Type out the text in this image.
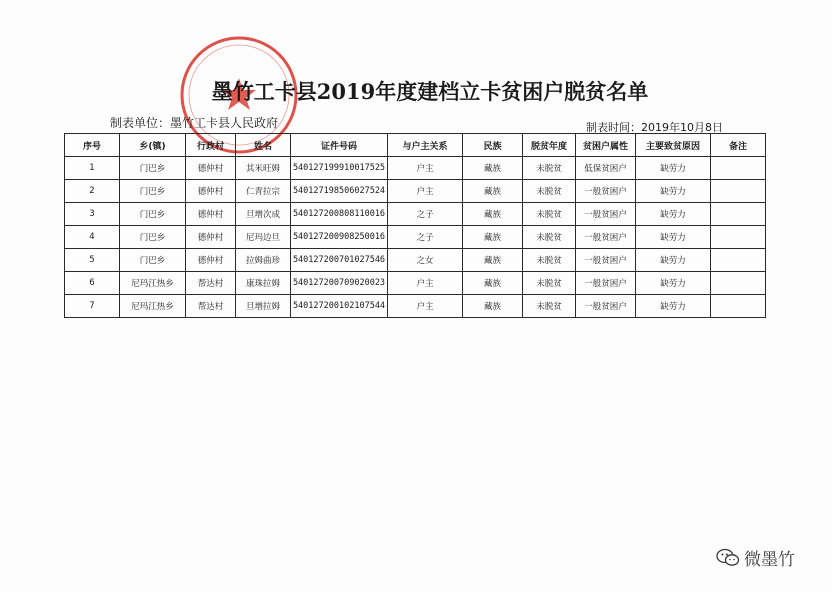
墨竹工卡县2019年度建档立卡贫困户脱贫名单
制表单位：墨竹工卡县人民政府	制表时间：2019年10月8日
序号	乡(镇)	行政村	姓名	证件号码	与户主关系	民族	脱贫年度	贫困户属性	主要致贫原因	备注
1	门巴乡	德仲村	其米旺姆	540127199910017525	户主	藏族	未脱贫	低保贫困户	缺劳力	
2	门巴乡	德仲村	仁青拉宗	540127198506027524	户主	藏族	未脱贫	一般贫困户	缺劳力	
3	门巴乡	德仲村	旦增次成	540127200808110016	之子	藏族	未脱贫	一般贫困户	缺劳力	
4	门巴乡	德仲村	尼玛边旦	540127200908250016	之子	藏族	未脱贫	一般贫困户	缺劳力	
5	门巴乡	德仲村	拉姆曲珍	540127200701027546	之女	藏族	未脱贫	一般贫困户	缺劳力	
6	尼玛江热乡	帮达村	康珠拉姆	540127200709020023	户主	藏族	未脱贫	一般贫困户	缺劳力	
7	尼玛江热乡	帮达村	旦增拉姆	540127200102107544	户主	藏族	未脱贫	一般贫困户	缺劳力	
微墨竹
